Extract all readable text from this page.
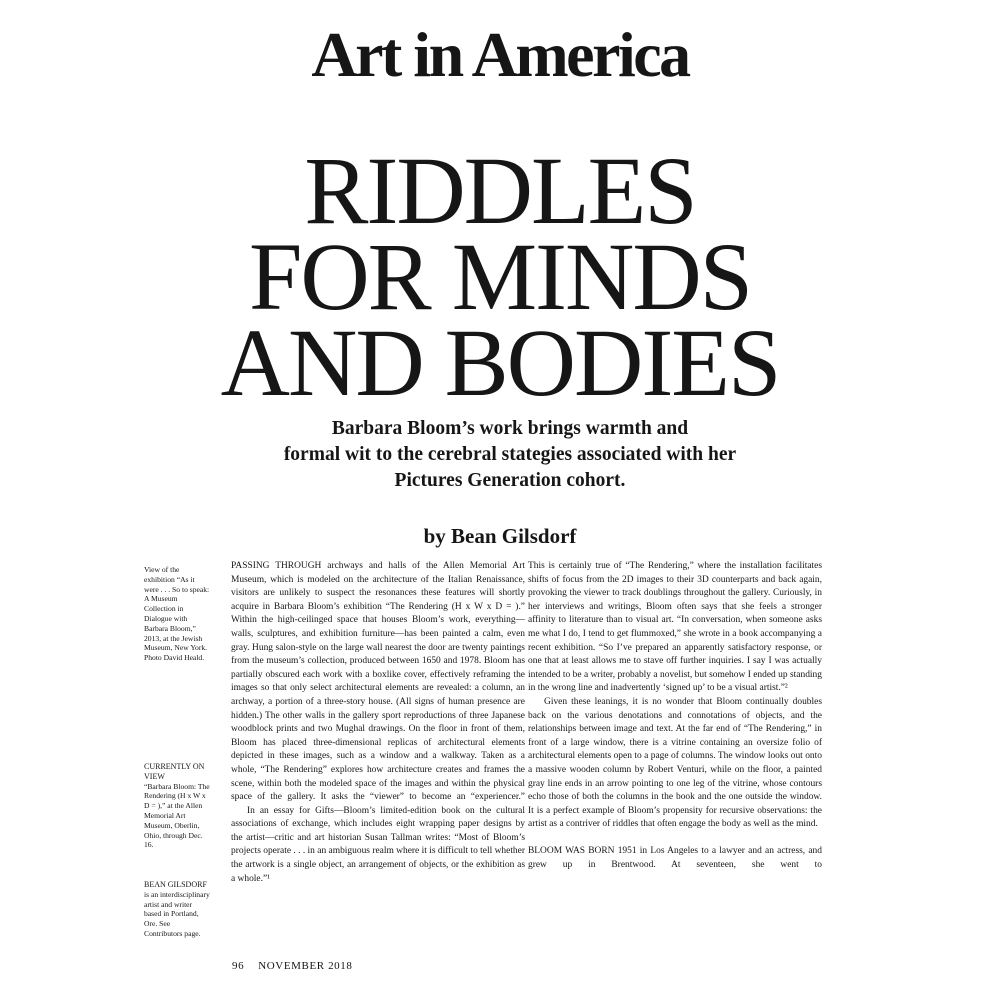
Art in America
RIDDLES
FOR MINDS
AND BODIES
Barbara Bloom’s work brings warmth and
formal wit to the cerebral stategies associated with her
Pictures Generation cohort.
by Bean Gilsdorf
View of the exhibition “As it were . . . So to speak: A Museum Collection in Dialogue with Barbara Bloom,” 2013, at the Jewish Museum, New York. Photo David Heald.
CURRENTLY ON VIEW
“Barbara Bloom: The Rendering (H x W x D = ),” at the Allen Memorial Art Museum, Oberlin, Ohio, through Dec. 16.
BEAN GILSDORF
is an interdisciplinary artist and writer based in Portland, Ore. See Contributors page.

PASSING THROUGH archways and halls of the Allen Memorial Art Museum, which is modeled on the architecture of the Italian Renaissance, visitors are unlikely to suspect the resonances these features will shortly acquire in Barbara Bloom’s exhibition “The Rendering (H x W x D = ).” Within the high-ceilinged space that houses Bloom’s work, everything—walls, sculptures, and exhibition furniture—has been painted a calm, even gray. Hung salon-style on the large wall nearest the door are twenty paintings from the museum’s collection, produced between 1650 and 1978. Bloom has partially obscured each work with a boxlike cover, effectively reframing the images so that only select architectural elements are revealed: a column, an archway, a portion of a three-story house. (All signs of human presence are hidden.) The other walls in the gallery sport reproductions of three Japanese woodblock prints and two Mughal drawings. On the floor in front of them, Bloom has placed three-dimensional replicas of architectural elements depicted in these images, such as a window and a walkway. Taken as a whole, “The Rendering” explores how architecture creates and frames the scene, within both the modeled space of the images and within the physical space of the gallery. It asks the “viewer” to become an “experiencer.”

In an essay for Gifts—Bloom’s limited-edition book on the cultural associations of exchange, which includes eight wrapping paper designs by the artist—critic and art historian Susan Tallman writes: “Most of Bloom’s projects operate . . . in an ambiguous realm where it is difficult to tell whether the artwork is a single object, an arrangement of objects, or the exhibition as a whole.”¹

This is certainly true of “The Rendering,” where the installation facilitates shifts of focus from the 2D images to their 3D counterparts and back again, provoking the viewer to track doublings throughout the gallery. Curiously, in her interviews and writings, Bloom often says that she feels a stronger affinity to literature than to visual art. “In conversation, when someone asks me what I do, I tend to get flummoxed,” she wrote in a book accompanying a recent exhibition. “So I’ve prepared an apparently satisfactory response, or one that at least allows me to stave off further inquiries. I say I was actually intended to be a writer, probably a novelist, but somehow I ended up standing in the wrong line and inadvertently ‘signed up’ to be a visual artist.”²

Given these leanings, it is no wonder that Bloom continually doubles back on the various denotations and connotations of objects, and the relationships between image and text. At the far end of “The Rendering,” in front of a large window, there is a vitrine containing an oversize folio of architectural elements open to a page of columns. The window looks out onto a massive wooden column by Robert Venturi, while on the floor, a painted gray line ends in an arrow pointing to one leg of the vitrine, whose contours echo those of both the columns in the book and the one outside the window. It is a perfect example of Bloom’s propensity for recursive observations: the artist as a contriver of riddles that often engage the body as well as the mind.

BLOOM WAS BORN 1951 in Los Angeles to a lawyer and an actress, and grew up in Brentwood. At seventeen, she went to

96 NOVEMBER 2018
